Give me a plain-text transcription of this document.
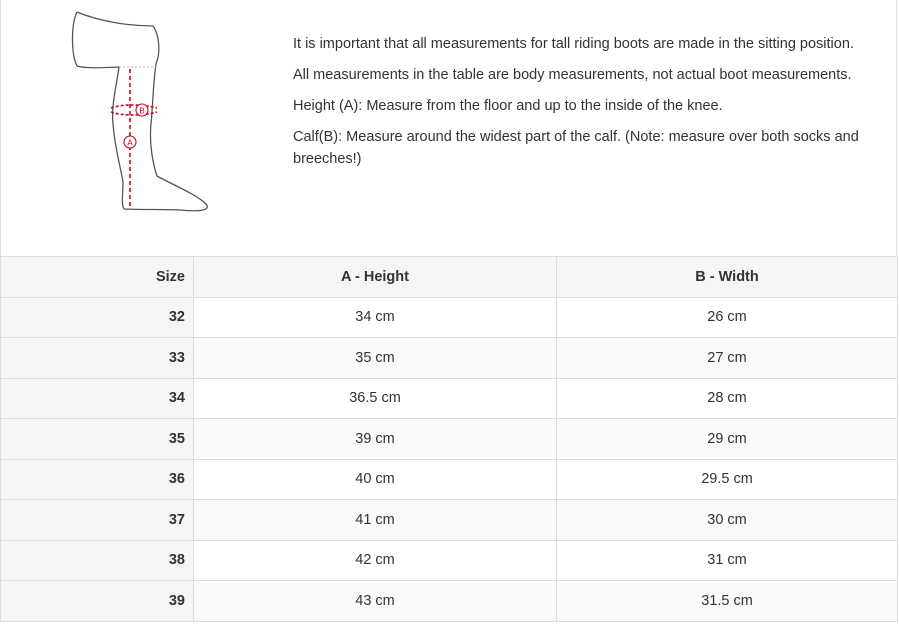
B
A

It is important that all measurements for tall riding boots are made in the sitting position.

All measurements in the table are body measurements, not actual boot measurements.

Height (A): Measure from the floor and up to the inside of the knee.

Calf(B): Measure around the widest part of the calf. (Note: measure over both socks and breeches!)

Size	A - Height	B - Width
32	34 cm	26 cm
33	35 cm	27 cm
34	36.5 cm	28 cm
35	39 cm	29 cm
36	40 cm	29.5 cm
37	41 cm	30 cm
38	42 cm	31 cm
39	43 cm	31.5 cm
